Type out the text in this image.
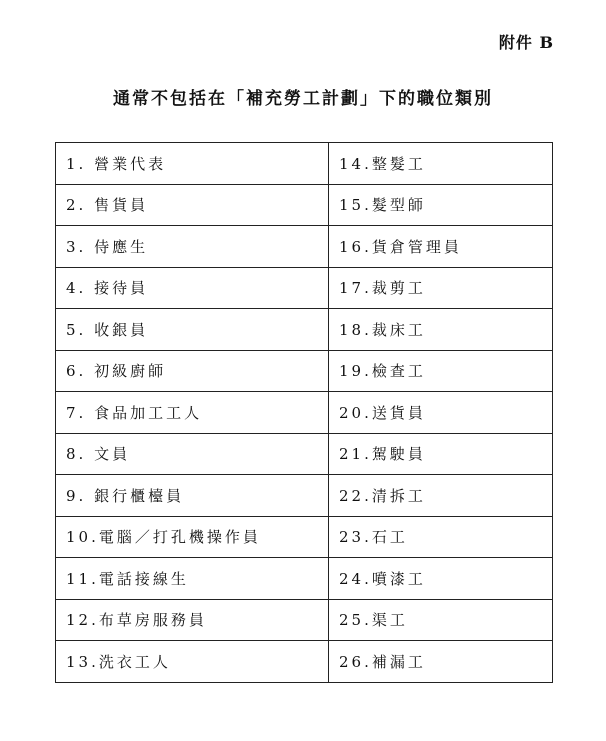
附件 B
通常不包括在「補充勞工計劃」下的職位類別
1. 營業代表	14.整髮工
2. 售貨員	15.髮型師
3. 侍應生	16.貨倉管理員
4. 接待員	17.裁剪工
5. 收銀員	18.裁床工
6. 初級廚師	19.檢查工
7. 食品加工工人	20.送貨員
8. 文員	21.駕駛員
9. 銀行櫃檯員	22.清拆工
10.電腦／打孔機操作員	23.石工
11.電話接線生	24.噴漆工
12.布草房服務員	25.渠工
13.洗衣工人	26.補漏工
